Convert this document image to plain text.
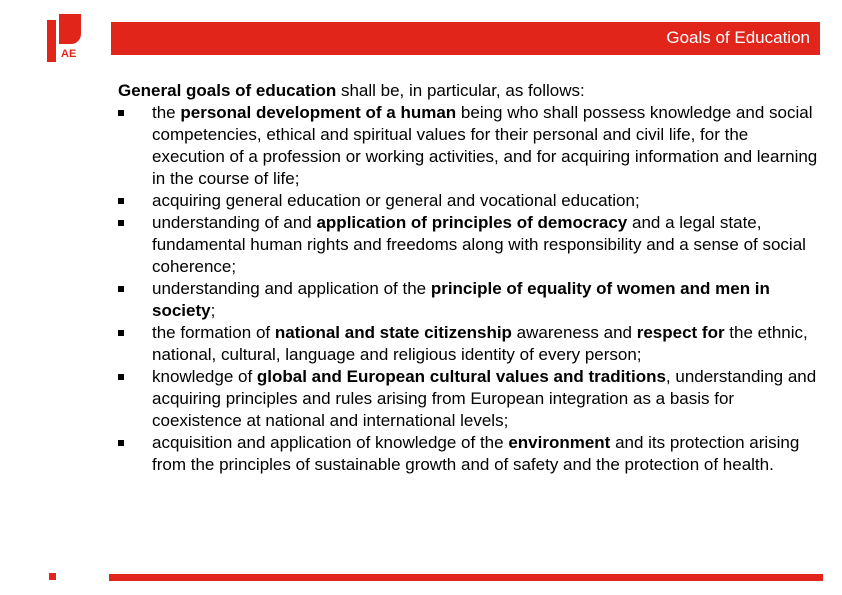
AE
Goals of Education

General goals of education shall be, in particular, as follows:

the personal development of a human being who shall possess knowledge and social competencies, ethical and spiritual values for their personal and civil life, for the execution of a profession or working activities, and for acquiring information and learning in the course of life;
acquiring general education or general and vocational education;
understanding of and application of principles of democracy and a legal state, fundamental human rights and freedoms along with responsibility and a sense of social coherence;
understanding and application of the principle of equality of women and men in society;
the formation of national and state citizenship awareness and respect for the ethnic, national, cultural, language and religious identity of every person;
knowledge of global and European cultural values and traditions, understanding and acquiring principles and rules arising from European integration as a basis for coexistence at national and international levels;
acquisition and application of knowledge of the environment and its protection arising from the principles of sustainable growth and of safety and the protection of health.
